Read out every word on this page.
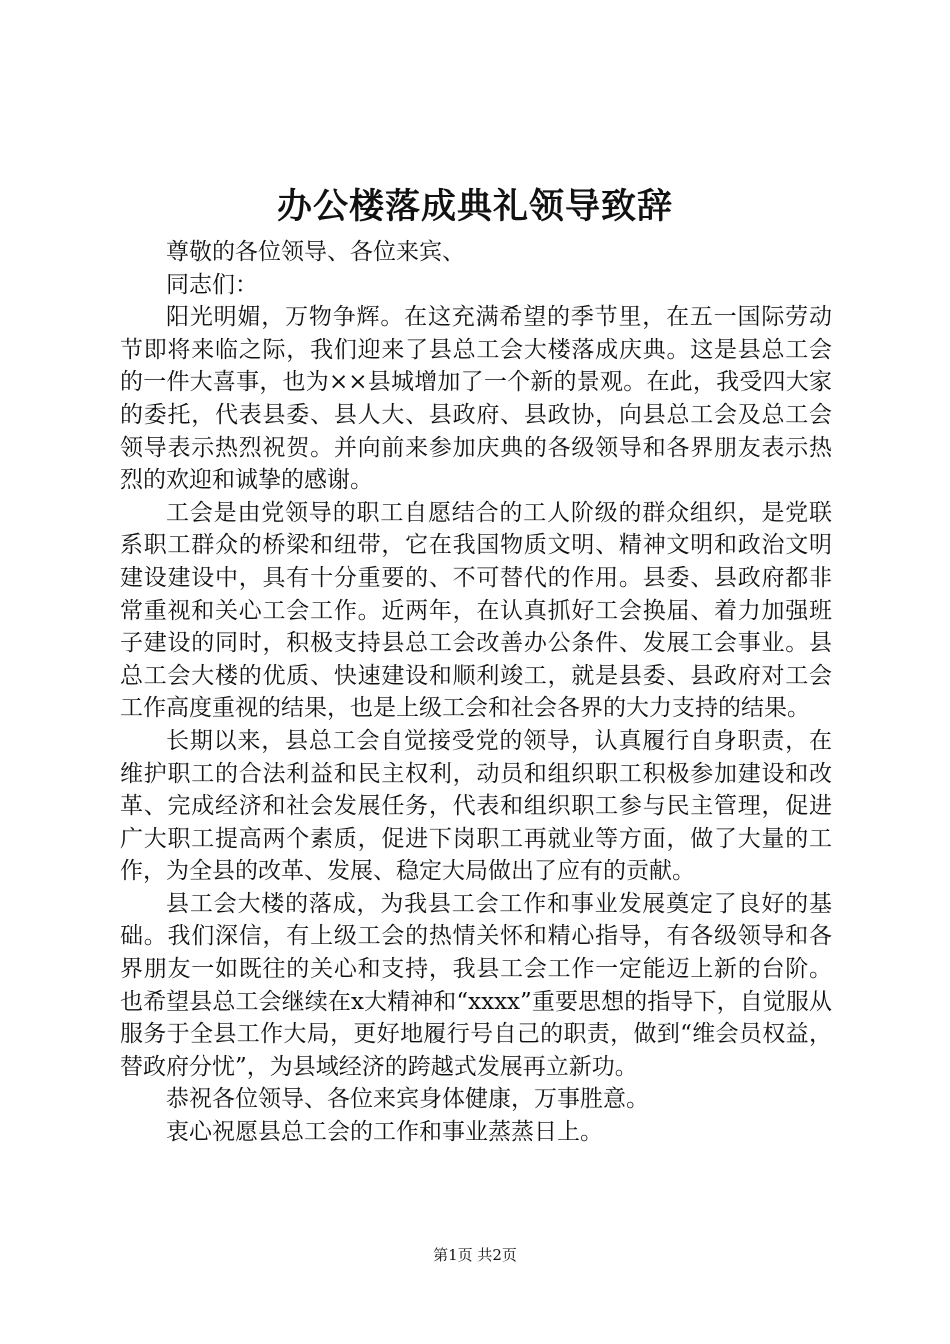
办公楼落成典礼领导致辞

尊敬的各位领导、各位来宾、

同志们：

阳光明媚，万物争辉。在这充满希望的季节里，在五一国际劳动节即将来临之际，我们迎来了县总工会大楼落成庆典。这是县总工会的一件大喜事，也为××县城增加了一个新的景观。在此，我受四大家的委托，代表县委、县人大、县政府、县政协，向县总工会及总工会领导表示热烈祝贺。并向前来参加庆典的各级领导和各界朋友表示热烈的欢迎和诚挚的感谢。

工会是由党领导的职工自愿结合的工人阶级的群众组织，是党联系职工群众的桥梁和纽带，它在我国物质文明、精神文明和政治文明建设建设中，具有十分重要的、不可替代的作用。县委、县政府都非常重视和关心工会工作。近两年，在认真抓好工会换届、着力加强班子建设的同时，积极支持县总工会改善办公条件、发展工会事业。县总工会大楼的优质、快速建设和顺利竣工，就是县委、县政府对工会工作高度重视的结果，也是上级工会和社会各界的大力支持的结果。

长期以来，县总工会自觉接受党的领导，认真履行自身职责，在维护职工的合法利益和民主权利，动员和组织职工积极参加建设和改革、完成经济和社会发展任务，代表和组织职工参与民主管理，促进广大职工提高两个素质，促进下岗职工再就业等方面，做了大量的工作，为全县的改革、发展、稳定大局做出了应有的贡献。

县工会大楼的落成，为我县工会工作和事业发展奠定了良好的基础。我们深信，有上级工会的热情关怀和精心指导，有各级领导和各界朋友一如既往的关心和支持，我县工会工作一定能迈上新的台阶。也希望县总工会继续在x大精神和“xxxx”重要思想的指导下，自觉服从服务于全县工作大局，更好地履行号自己的职责，做到“维会员权益，替政府分忧”，为县域经济的跨越式发展再立新功。

恭祝各位领导、各位来宾身体健康，万事胜意。

衷心祝愿县总工会的工作和事业蒸蒸日上。

第1页 共2页
